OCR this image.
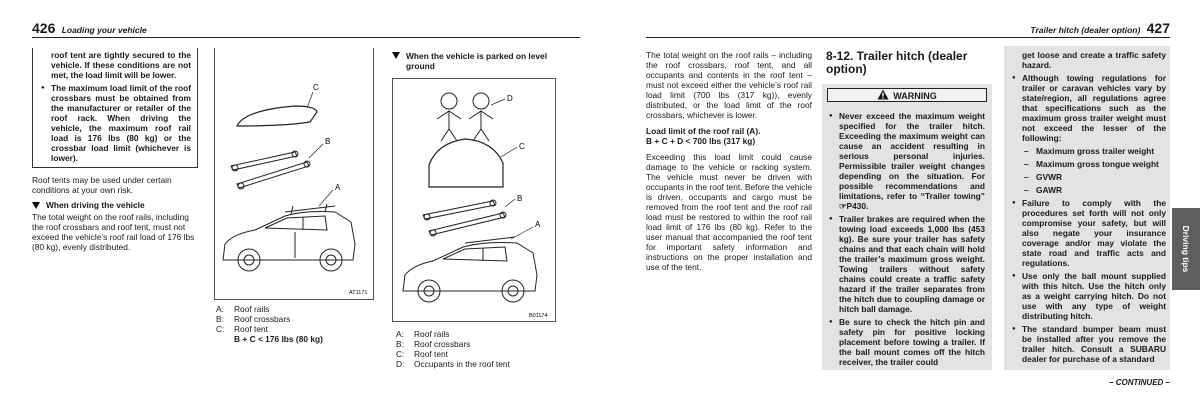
426 Loading your vehicle	Trailer hitch (dealer option) 427
roof tent are tightly secured to the vehicle. If these conditions are not met, the load limit will be lower.
● The maximum load limit of the roof crossbars must be obtained from the manufacturer or retailer of the roof rack. When driving the vehicle, the maximum roof rail load is 176 lbs (80 kg) or the crossbar load limit (whichever is lower).
Roof tents may be used under certain conditions at your own risk.
When driving the vehicle
The total weight on the roof rails, including the roof crossbars and roof tent, must not exceed the vehicle’s roof rail load of 176 lbs (80 kg), evenly distributed.
C
B
A
AT1171
A:	Roof rails
B:	Roof crossbars
C:	Roof tent
B + C < 176 lbs (80 kg)
When the vehicle is parked on level ground
D
C
B
A
B01174
A:	Roof rails
B:	Roof crossbars
C:	Roof tent
D:	Occupants in the roof tent
The total weight on the roof rails – including the roof crossbars, roof tent, and all occupants and contents in the roof tent – must not exceed either the vehicle’s roof rail load limit (700 lbs (317 kg)), evenly distributed, or the load limit of the roof crossbars, whichever is lower.
Load limit of the roof rail (A).
B + C + D < 700 lbs (317 kg)
Exceeding this load limit could cause damage to the vehicle or racking system. The vehicle must never be driven with occupants in the roof tent. Before the vehicle is driven, occupants and cargo must be removed from the roof tent and the roof rail load must be restored to within the roof rail load limit of 176 lbs (80 kg). Refer to the user manual that accompanied the roof tent for important safety information and instructions on the proper installation and use of the tent.
8-12. Trailer hitch (dealer option)
WARNING
● Never exceed the maximum weight specified for the trailer hitch. Exceeding the maximum weight can cause an accident resulting in serious personal injuries. Permissible trailer weight changes depending on the situation. For possible recommendations and limitations, refer to “Trailer towing” ☞P430.
● Trailer brakes are required when the towing load exceeds 1,000 lbs (453 kg). Be sure your trailer has safety chains and that each chain will hold the trailer’s maximum gross weight. Towing trailers without safety chains could create a traffic safety hazard if the trailer separates from the hitch due to coupling damage or hitch ball damage.
● Be sure to check the hitch pin and safety pin for positive locking placement before towing a trailer. If the ball mount comes off the hitch receiver, the trailer could
get loose and create a traffic safety hazard.
● Although towing regulations for trailer or caravan vehicles vary by state/region, all regulations agree that specifications such as the maximum gross trailer weight must not exceed the lesser of the following:
– Maximum gross trailer weight
– Maximum gross tongue weight
– GVWR
– GAWR
● Failure to comply with the procedures set forth will not only compromise your safety, but will also negate your insurance coverage and/or may violate the state road and traffic acts and regulations.
● Use only the ball mount supplied with this hitch. Use the hitch only as a weight carrying hitch. Do not use with any type of weight distributing hitch.
● The standard bumper beam must be installed after you remove the trailer hitch. Consult a SUBARU dealer for purchase of a standard
– CONTINUED –
Driving tips
